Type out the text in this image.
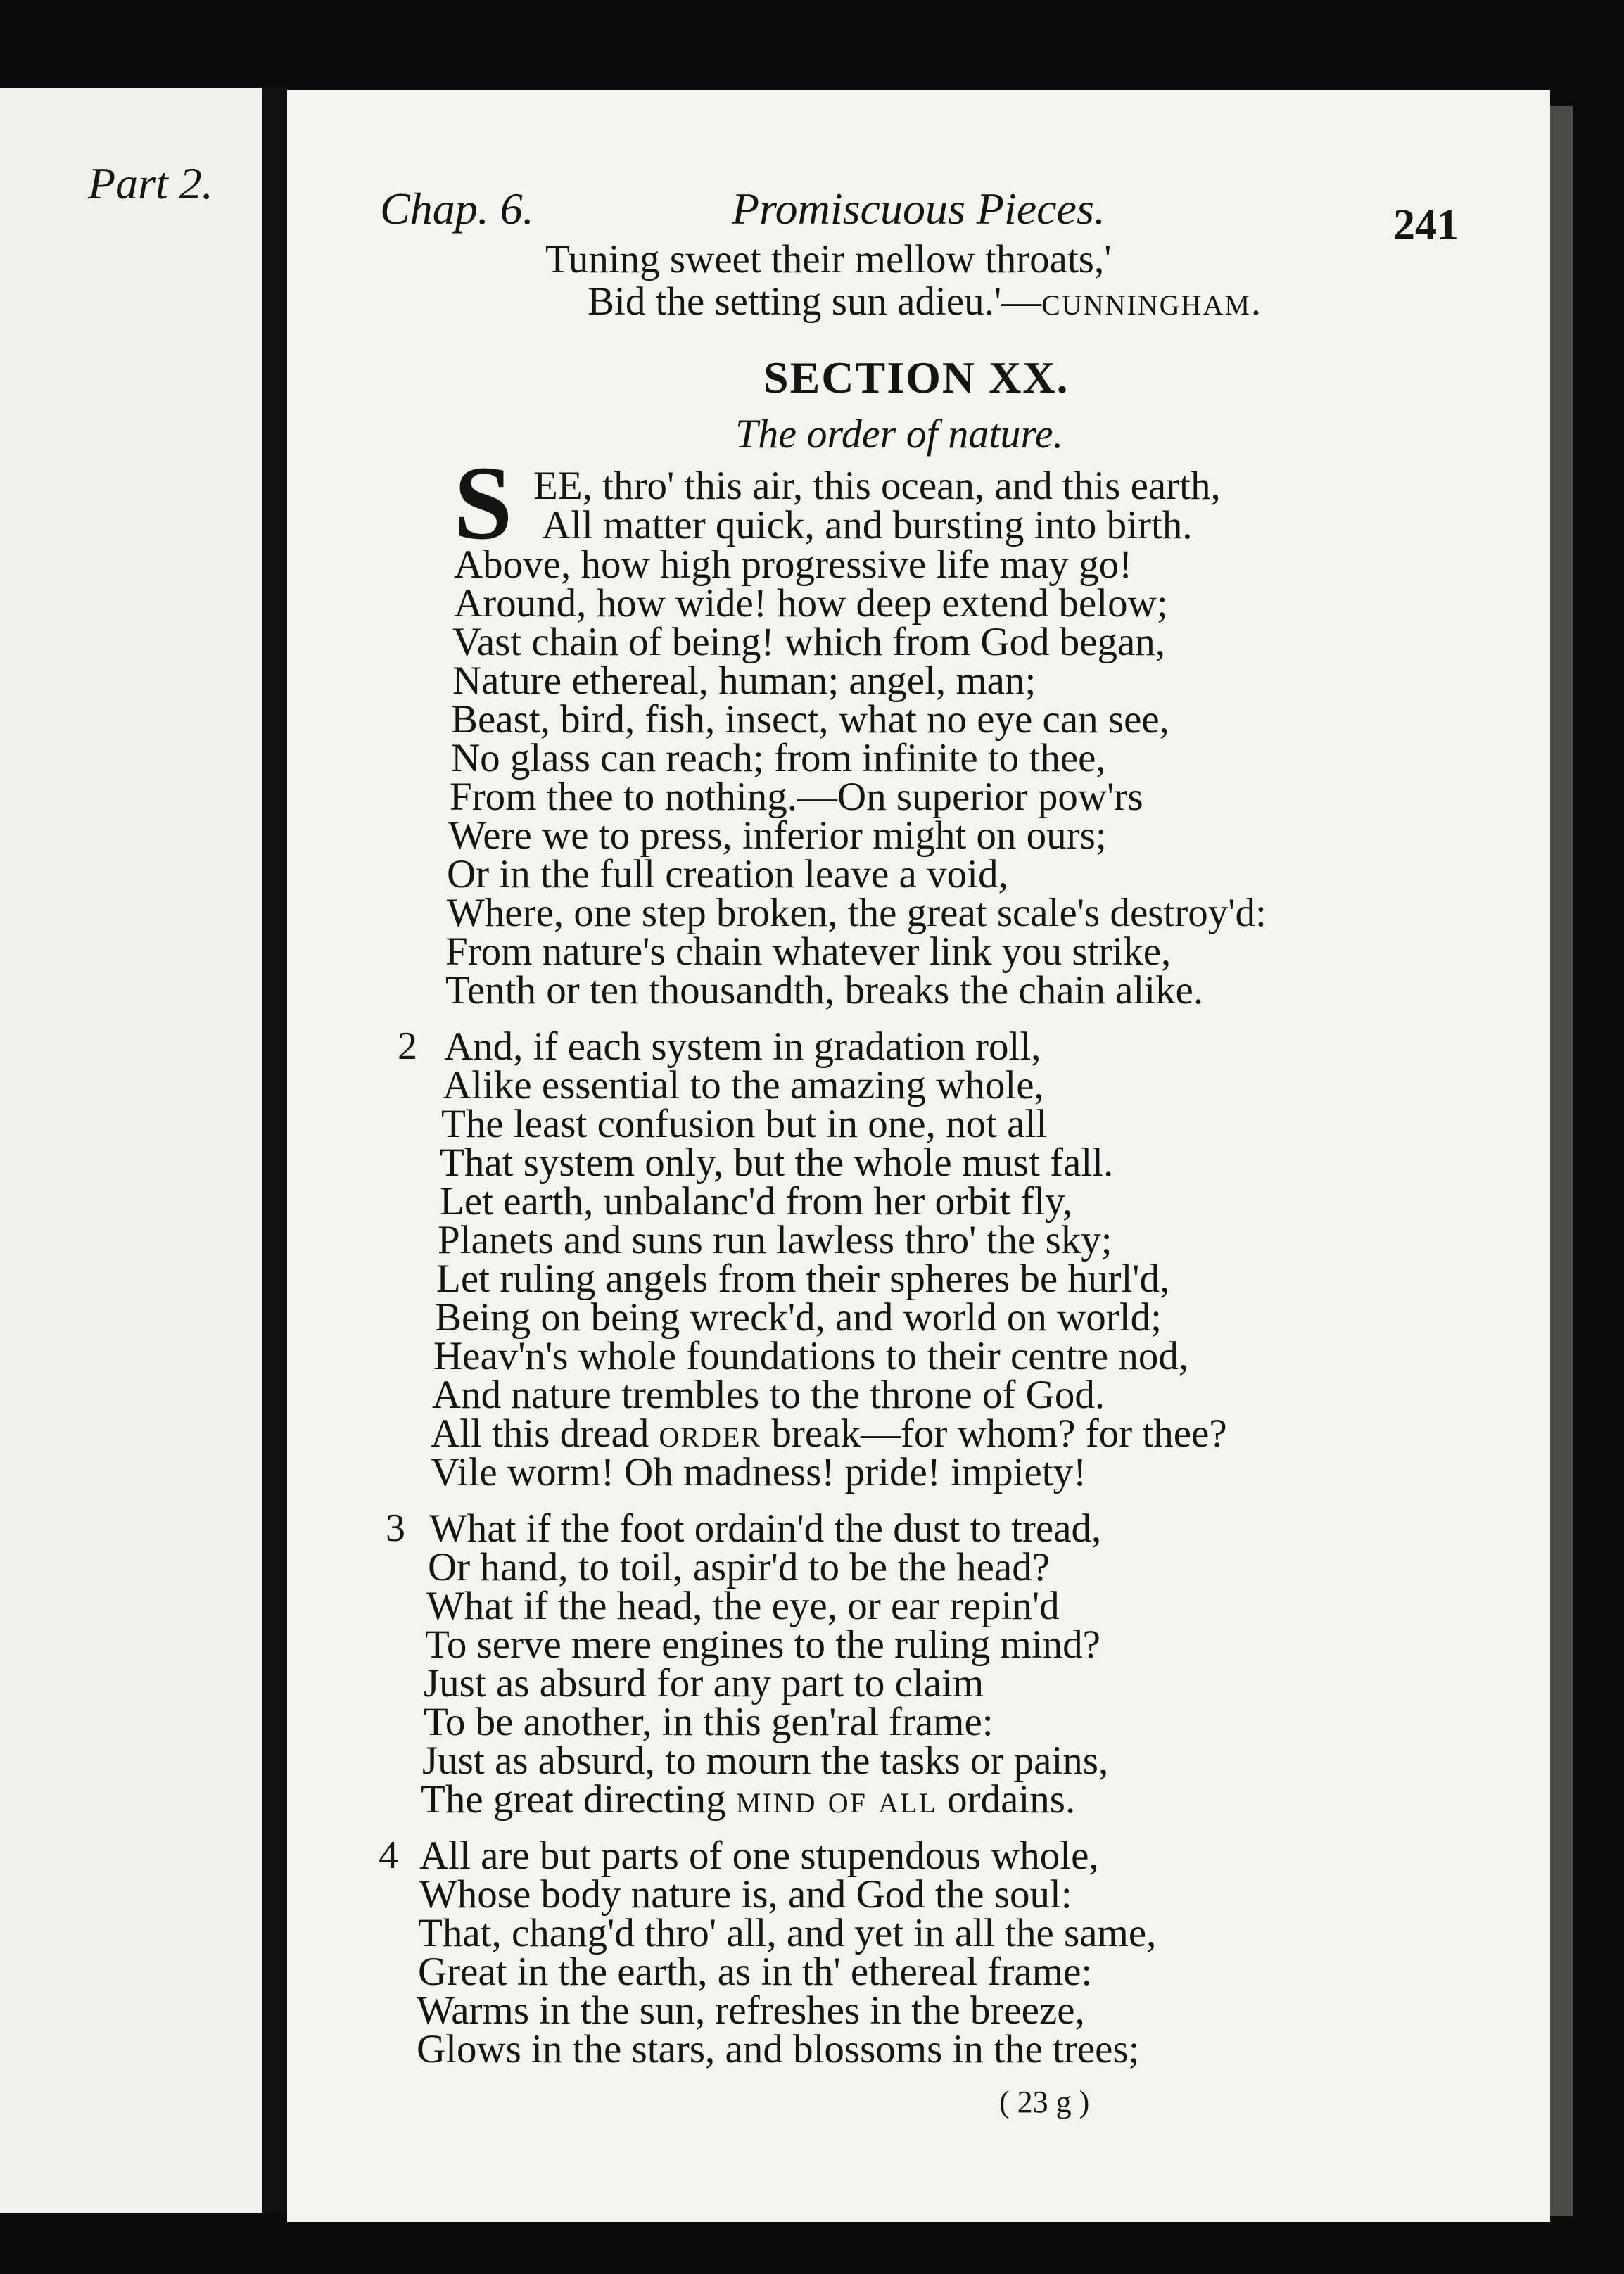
Part 2.
Chap. 6.	Promiscuous Pieces.	241
Tuning sweet their mellow throats,'
Bid the setting sun adieu.'—cunningham.
SECTION XX.
The order of nature.
S EE, thro' this air, this ocean, and this earth,
All matter quick, and bursting into birth.
Above, how high progressive life may go!
Around, how wide! how deep extend below;
Vast chain of being! which from God began,
Nature ethereal, human; angel, man;
Beast, bird, fish, insect, what no eye can see,
No glass can reach; from infinite to thee,
From thee to nothing.—On superior pow'rs
Were we to press, inferior might on ours;
Or in the full creation leave a void,
Where, one step broken, the great scale's destroy'd:
From nature's chain whatever link you strike,
Tenth or ten thousandth, breaks the chain alike.
2 And, if each system in gradation roll,
Alike essential to the amazing whole,
The least confusion but in one, not all
That system only, but the whole must fall.
Let earth, unbalanc'd from her orbit fly,
Planets and suns run lawless thro' the sky;
Let ruling angels from their spheres be hurl'd,
Being on being wreck'd, and world on world;
Heav'n's whole foundations to their centre nod,
And nature trembles to the throne of God.
All this dread order break—for whom? for thee?
Vile worm! Oh madness! pride! impiety!
3 What if the foot ordain'd the dust to tread,
Or hand, to toil, aspir'd to be the head?
What if the head, the eye, or ear repin'd
To serve mere engines to the ruling mind?
Just as absurd for any part to claim
To be another, in this gen'ral frame:
Just as absurd, to mourn the tasks or pains,
The great directing mind of all ordains.
4 All are but parts of one stupendous whole,
Whose body nature is, and God the soul:
That, chang'd thro' all, and yet in all the same,
Great in the earth, as in th' ethereal frame:
Warms in the sun, refreshes in the breeze,
Glows in the stars, and blossoms in the trees;
( 23 g )
